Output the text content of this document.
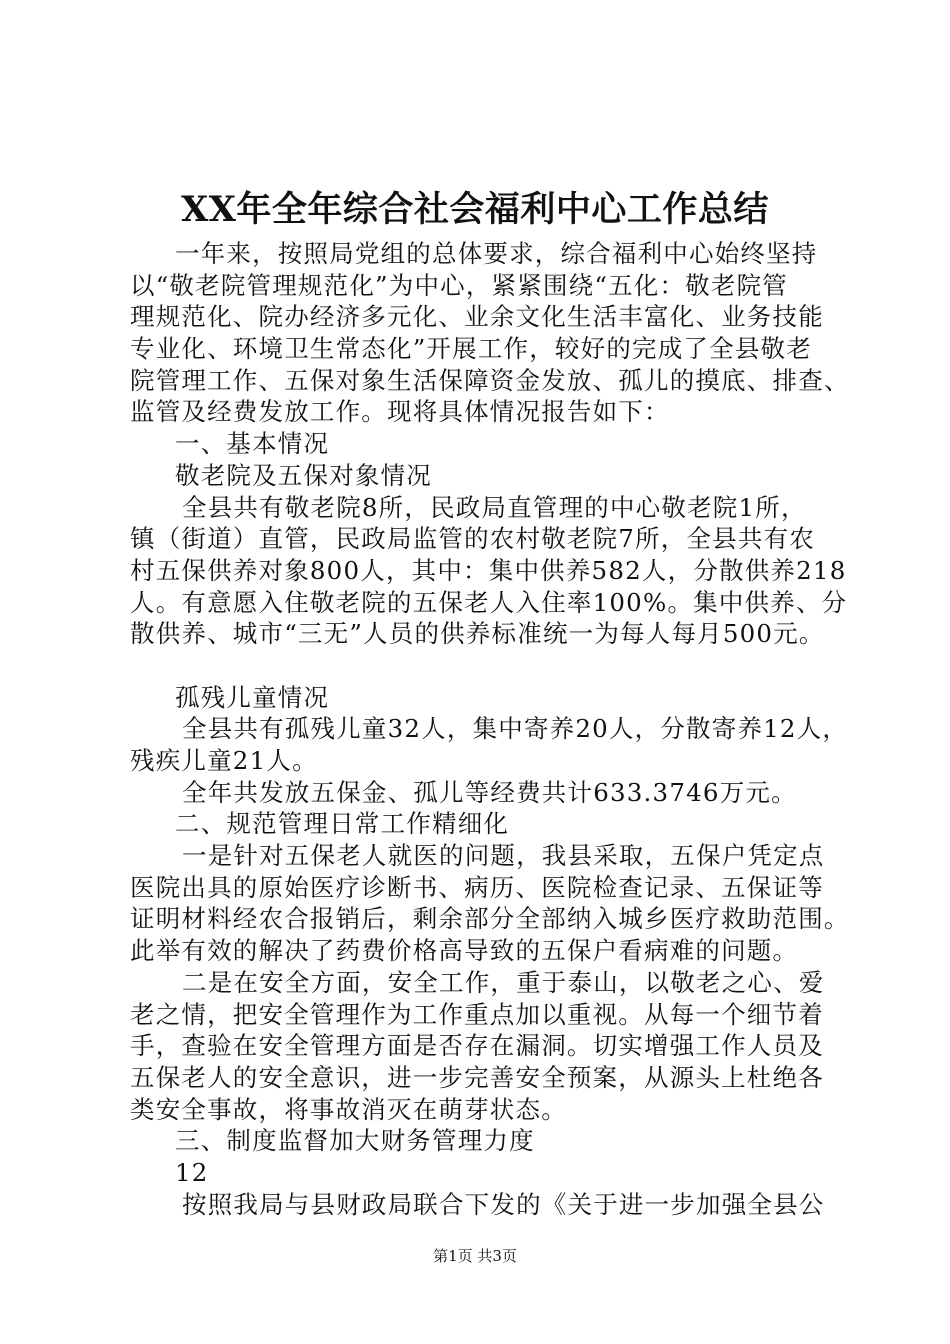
XX年全年综合社会福利中心工作总结
一年来，按照局党组的总体要求，综合福利中心始终坚持
以“敬老院管理规范化”为中心，紧紧围绕“五化：敬老院管
理规范化、院办经济多元化、业余文化生活丰富化、业务技能
专业化、环境卫生常态化”开展工作，较好的完成了全县敬老
院管理工作、五保对象生活保障资金发放、孤儿的摸底、排查、
监管及经费发放工作。现将具体情况报告如下：
一、基本情况
敬老院及五保对象情况
全县共有敬老院8所，民政局直管理的中心敬老院1所，
镇（街道）直管，民政局监管的农村敬老院7所，全县共有农
村五保供养对象800人，其中：集中供养582人，分散供养218
人。有意愿入住敬老院的五保老人入住率100%。集中供养、分
散供养、城市“三无”人员的供养标准统一为每人每月500元。
孤残儿童情况
全县共有孤残儿童32人，集中寄养20人，分散寄养12人，
残疾儿童21人。
全年共发放五保金、孤儿等经费共计633.3746万元。
二、规范管理日常工作精细化
一是针对五保老人就医的问题，我县采取，五保户凭定点
医院出具的原始医疗诊断书、病历、医院检查记录、五保证等
证明材料经农合报销后，剩余部分全部纳入城乡医疗救助范围。
此举有效的解决了药费价格高导致的五保户看病难的问题。
二是在安全方面，安全工作，重于泰山，以敬老之心、爱
老之情，把安全管理作为工作重点加以重视。从每一个细节着
手，查验在安全管理方面是否存在漏洞。切实增强工作人员及
五保老人的安全意识，进一步完善安全预案，从源头上杜绝各
类安全事故，将事故消灭在萌芽状态。
三、制度监督加大财务管理力度
12
按照我局与县财政局联合下发的《关于进一步加强全县公
第1页 共3页
